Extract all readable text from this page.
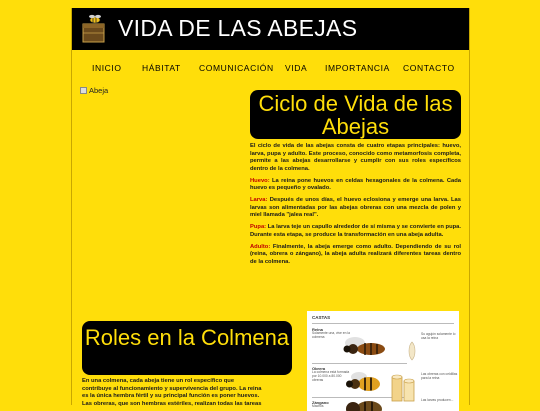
VIDA DE LAS ABEJAS
INICIO HÁBITAT COMUNICACIÓN VIDA IMPORTANCIA CONTACTO
Abeja
Ciclo de Vida de las Abejas

El ciclo de vida de las abejas consta de cuatro etapas principales: huevo, larva, pupa y adulto. Este proceso, conocido como metamorfosis completa, permite a las abejas desarrollarse y cumplir con sus roles específicos dentro de la colmena.

Huevo: La reina pone huevos en celdas hexagonales de la colmena. Cada huevo es pequeño y ovalado.

Larva: Después de unos días, el huevo eclosiona y emerge una larva. Las larvas son alimentadas por las abejas obreras con una mezcla de polen y miel llamada "jalea real".

Pupa: La larva teje un capullo alrededor de sí misma y se convierte en pupa. Durante esta etapa, se produce la transformación en una abeja adulta.

Adulto: Finalmente, la abeja emerge como adulto. Dependiendo de su rol (reina, obrera o zángano), la abeja adulta realizará diferentes tareas dentro de la colmena.

Roles en la Colmena
En una colmena, cada abeja tiene un rol específico que
contribuye al funcionamiento y supervivencia del grupo. La reina
es la única hembra fértil y su principal función es poner huevos.
Las obreras, que son hembras estériles, realizan todas las tareas
CASTAS
Reina
Solamente una, vive en la colmena
Obrera
La colmena está formada por 10.000 a 80.000 obreras
Zángano
Machos
Su agujón solamente lo usa la reina
Las obreras con celdillas para la reina
Las larvas producen...
